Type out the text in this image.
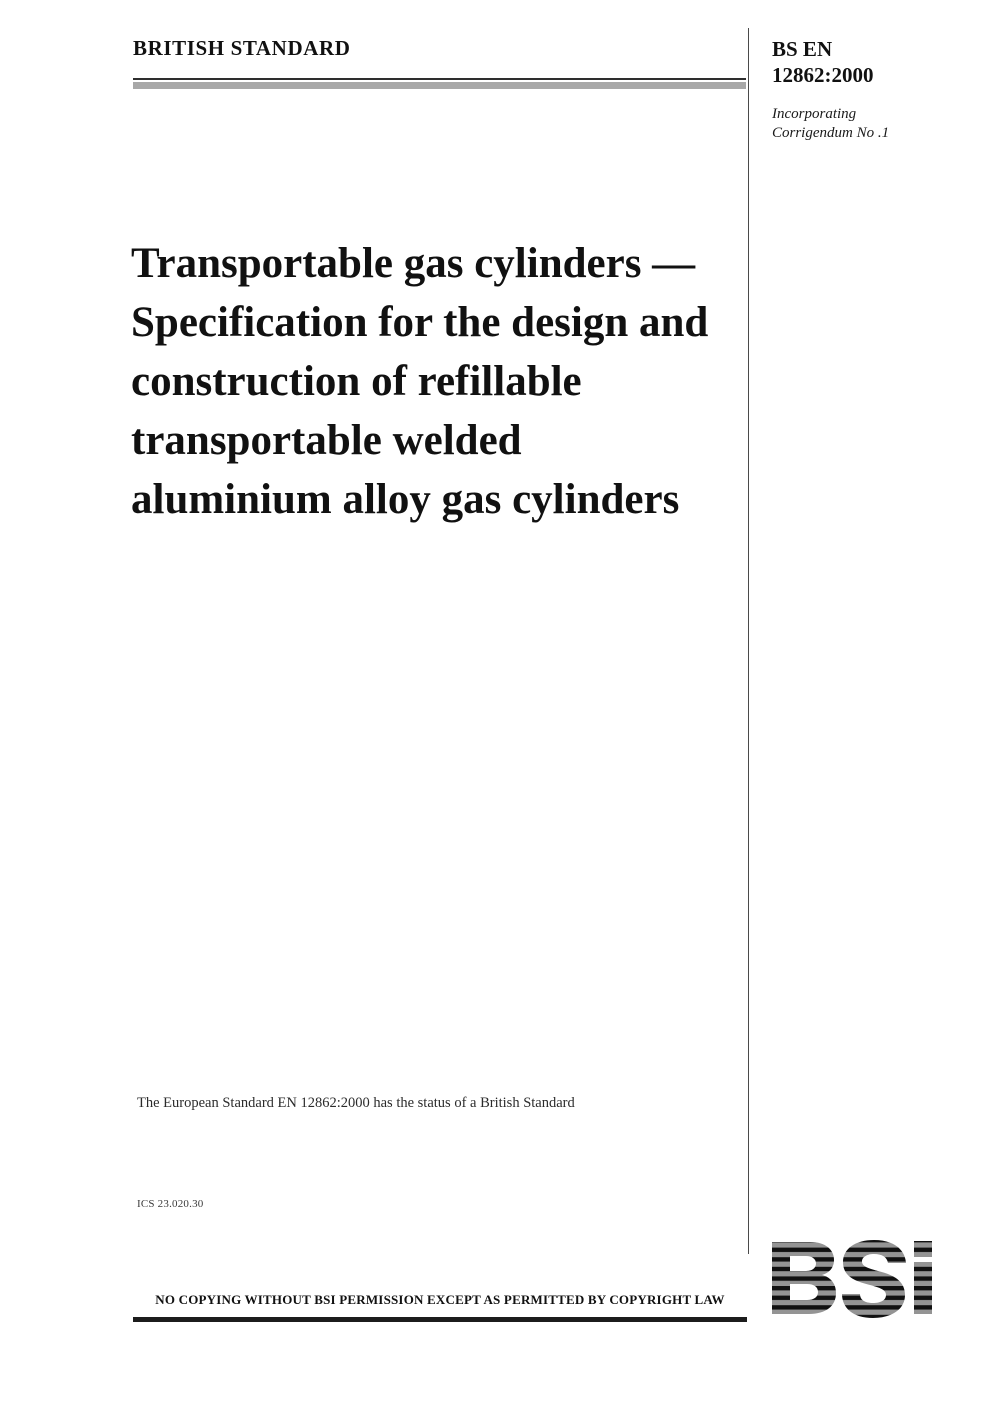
BRITISH STANDARD	BS EN
12862:2000
Incorporating
Corrigendum No .1
Transportable gas cylinders — Specification for the design and construction of refillable transportable welded aluminium alloy gas cylinders
The European Standard EN 12862:2000 has the status of a British Standard
ICS 23.020.30
NO COPYING WITHOUT BSI PERMISSION EXCEPT AS PERMITTED BY COPYRIGHT LAW
